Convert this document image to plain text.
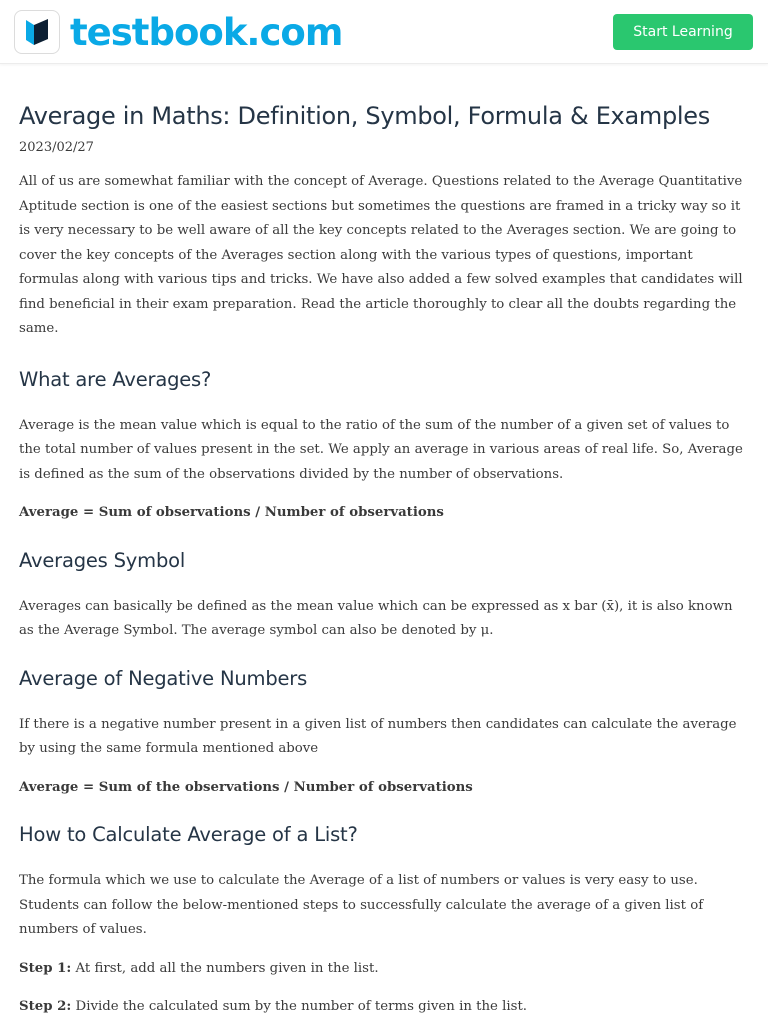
testbook.com	Start Learning
Average in Maths: Definition, Symbol, Formula & Examples
2023/02/27

All of us are somewhat familiar with the concept of Average. Questions related to the Average Quantitative Aptitude section is one of the easiest sections but sometimes the questions are framed in a tricky way so it is very necessary to be well aware of all the key concepts related to the Averages section. We are going to cover the key concepts of the Averages section along with the various types of questions, important formulas along with various tips and tricks. We have also added a few solved examples that candidates will find beneficial in their exam preparation. Read the article thoroughly to clear all the doubts regarding the same.

What are Averages?

Average is the mean value which is equal to the ratio of the sum of the number of a given set of values to the total number of values present in the set. We apply an average in various areas of real life. So, Average is defined as the sum of the observations divided by the number of observations.

Average = Sum of observations / Number of observations

Averages Symbol

Averages can basically be defined as the mean value which can be expressed as x bar (x̄), it is also known as the Average Symbol. The average symbol can also be denoted by μ.

Average of Negative Numbers

If there is a negative number present in a given list of numbers then candidates can calculate the average by using the same formula mentioned above

Average = Sum of the observations / Number of observations

How to Calculate Average of a List?

The formula which we use to calculate the Average of a list of numbers or values is very easy to use. Students can follow the below-mentioned steps to successfully calculate the average of a given list of numbers of values.

Step 1: At first, add all the numbers given in the list.

Step 2: Divide the calculated sum by the number of terms given in the list.
